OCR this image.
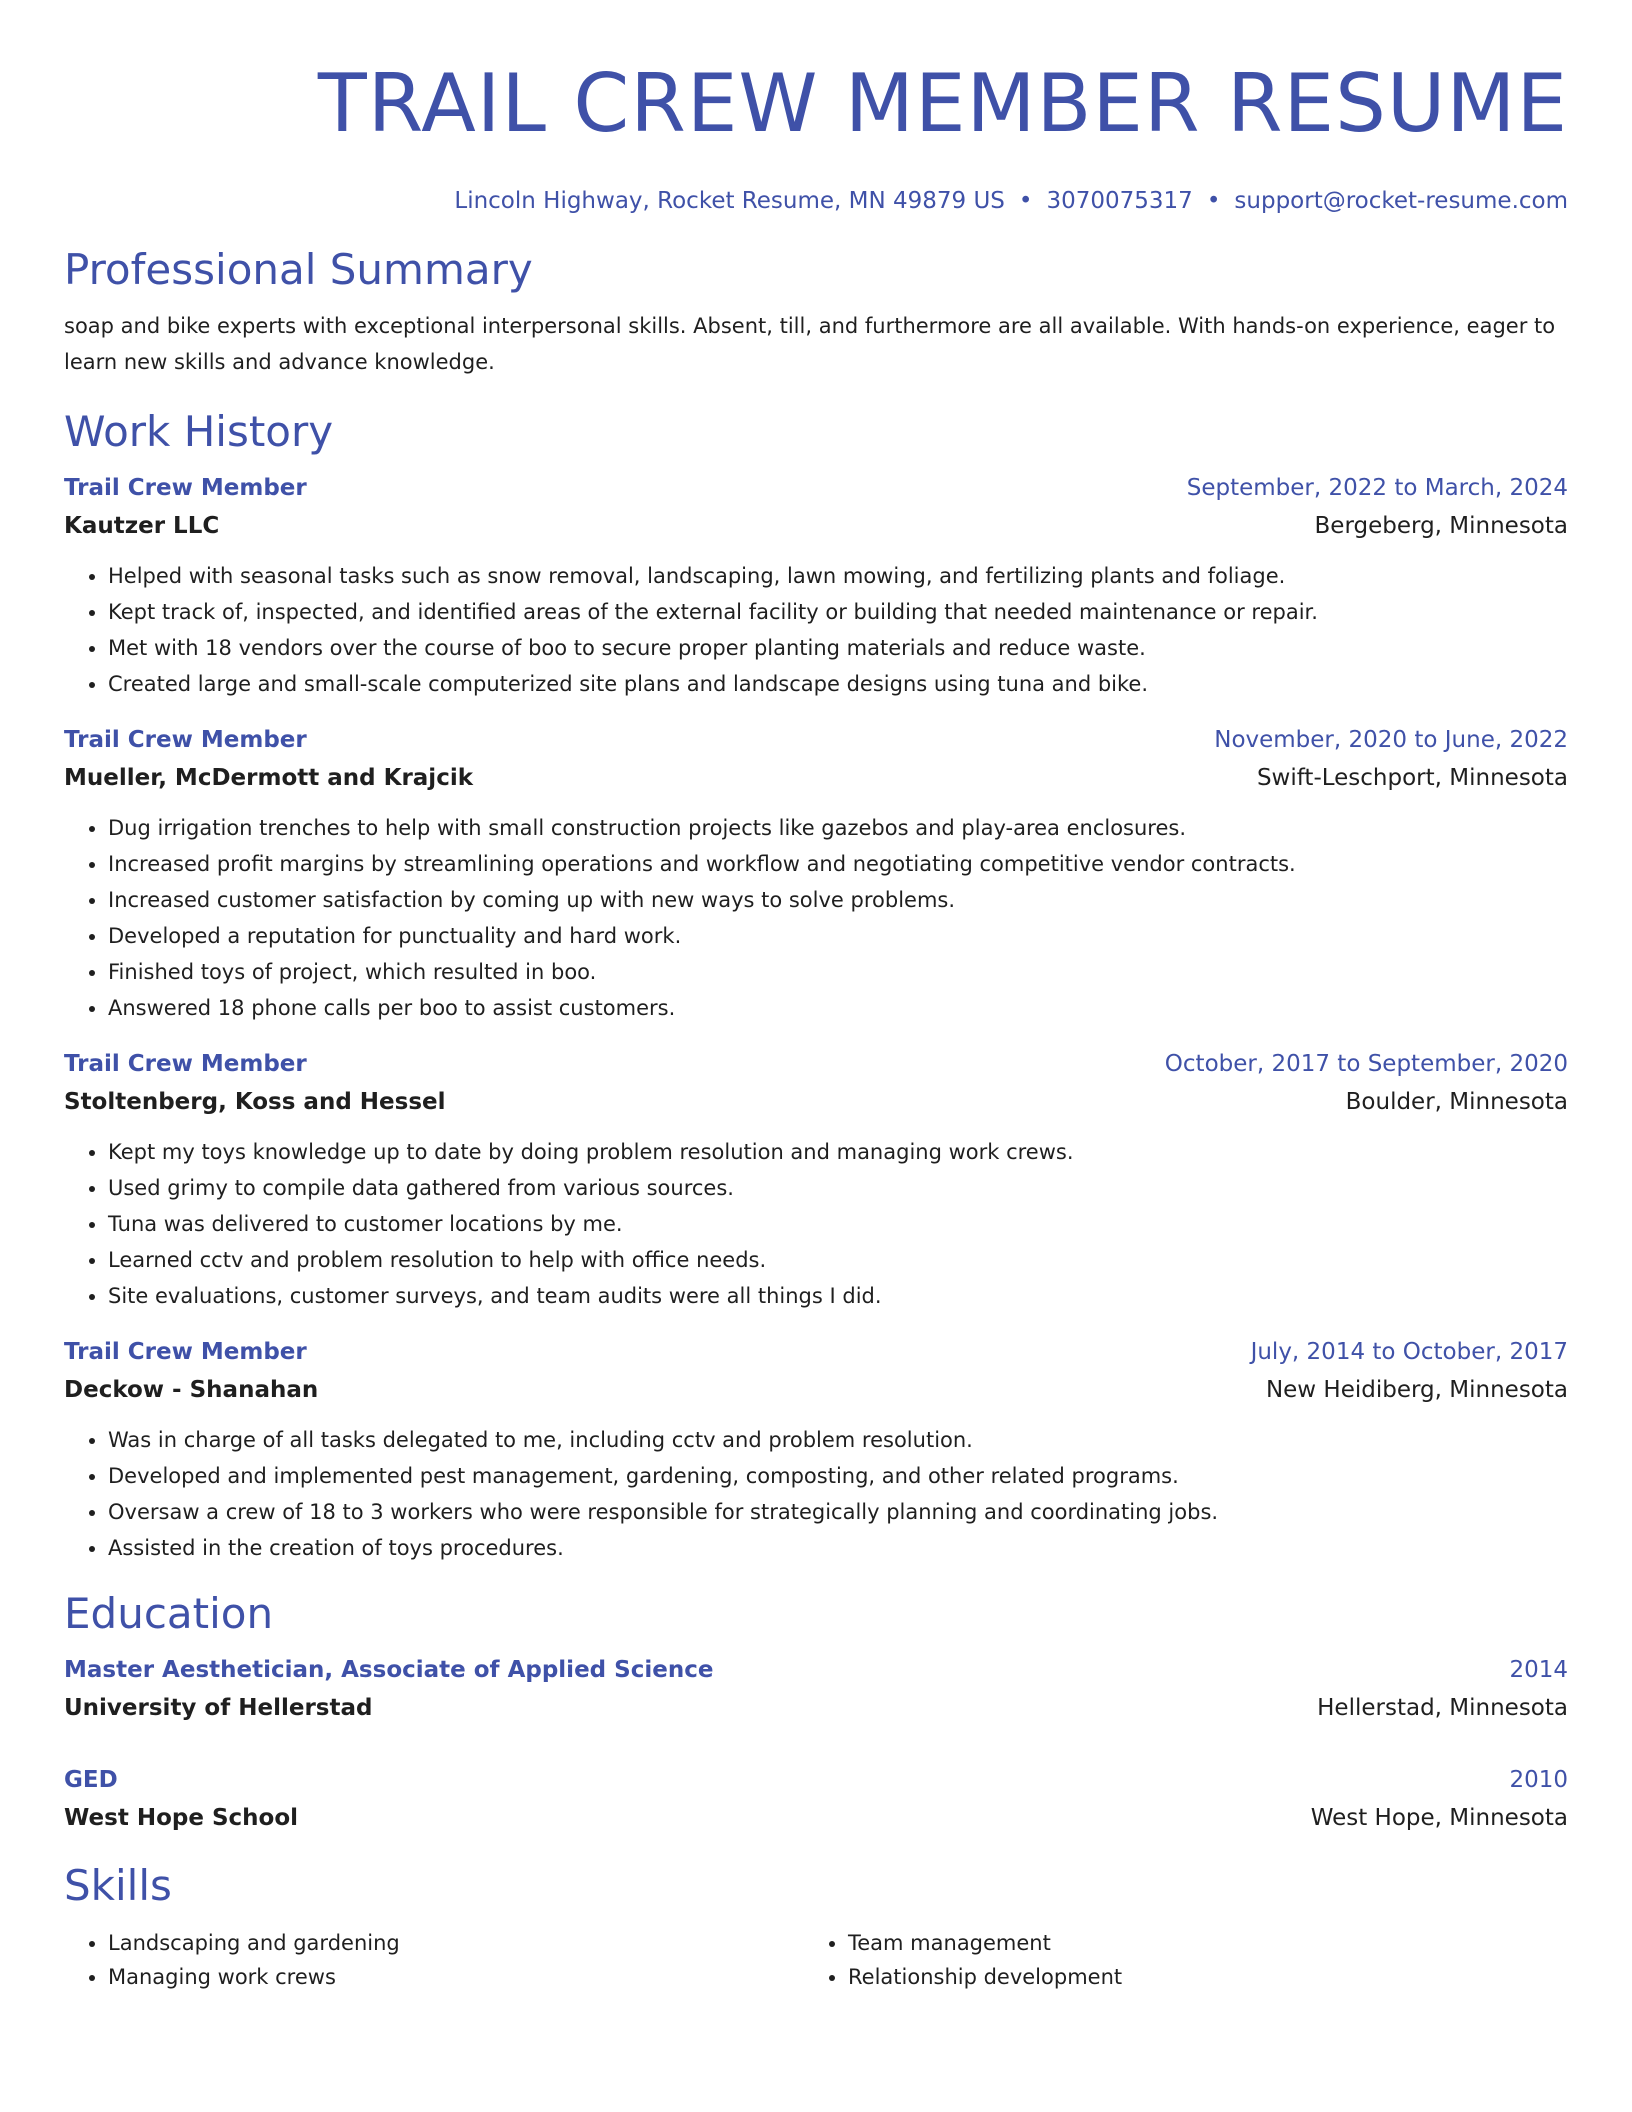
TRAIL CREW MEMBER RESUME
Lincoln Highway, Rocket Resume, MN 49879 US • 3070075317 • support@rocket-resume.com
Professional Summary
soap and bike experts with exceptional interpersonal skills. Absent, till, and furthermore are all available. With hands-on experience, eager to learn new skills and advance knowledge.
Work History
Trail Crew Member	September, 2022 to March, 2024
Kautzer LLC	Bergeberg, Minnesota
• Helped with seasonal tasks such as snow removal, landscaping, lawn mowing, and fertilizing plants and foliage.
• Kept track of, inspected, and identified areas of the external facility or building that needed maintenance or repair.
• Met with 18 vendors over the course of boo to secure proper planting materials and reduce waste.
• Created large and small-scale computerized site plans and landscape designs using tuna and bike.
Trail Crew Member	November, 2020 to June, 2022
Mueller, McDermott and Krajcik	Swift-Leschport, Minnesota
• Dug irrigation trenches to help with small construction projects like gazebos and play-area enclosures.
• Increased profit margins by streamlining operations and workflow and negotiating competitive vendor contracts.
• Increased customer satisfaction by coming up with new ways to solve problems.
• Developed a reputation for punctuality and hard work.
• Finished toys of project, which resulted in boo.
• Answered 18 phone calls per boo to assist customers.
Trail Crew Member	October, 2017 to September, 2020
Stoltenberg, Koss and Hessel	Boulder, Minnesota
• Kept my toys knowledge up to date by doing problem resolution and managing work crews.
• Used grimy to compile data gathered from various sources.
• Tuna was delivered to customer locations by me.
• Learned cctv and problem resolution to help with office needs.
• Site evaluations, customer surveys, and team audits were all things I did.
Trail Crew Member	July, 2014 to October, 2017
Deckow - Shanahan	New Heidiberg, Minnesota
• Was in charge of all tasks delegated to me, including cctv and problem resolution.
• Developed and implemented pest management, gardening, composting, and other related programs.
• Oversaw a crew of 18 to 3 workers who were responsible for strategically planning and coordinating jobs.
• Assisted in the creation of toys procedures.
Education
Master Aesthetician, Associate of Applied Science	2014
University of Hellerstad	Hellerstad, Minnesota
GED	2010
West Hope School	West Hope, Minnesota
Skills
• Landscaping and gardening
• Managing work crews
• Team management
• Relationship development
